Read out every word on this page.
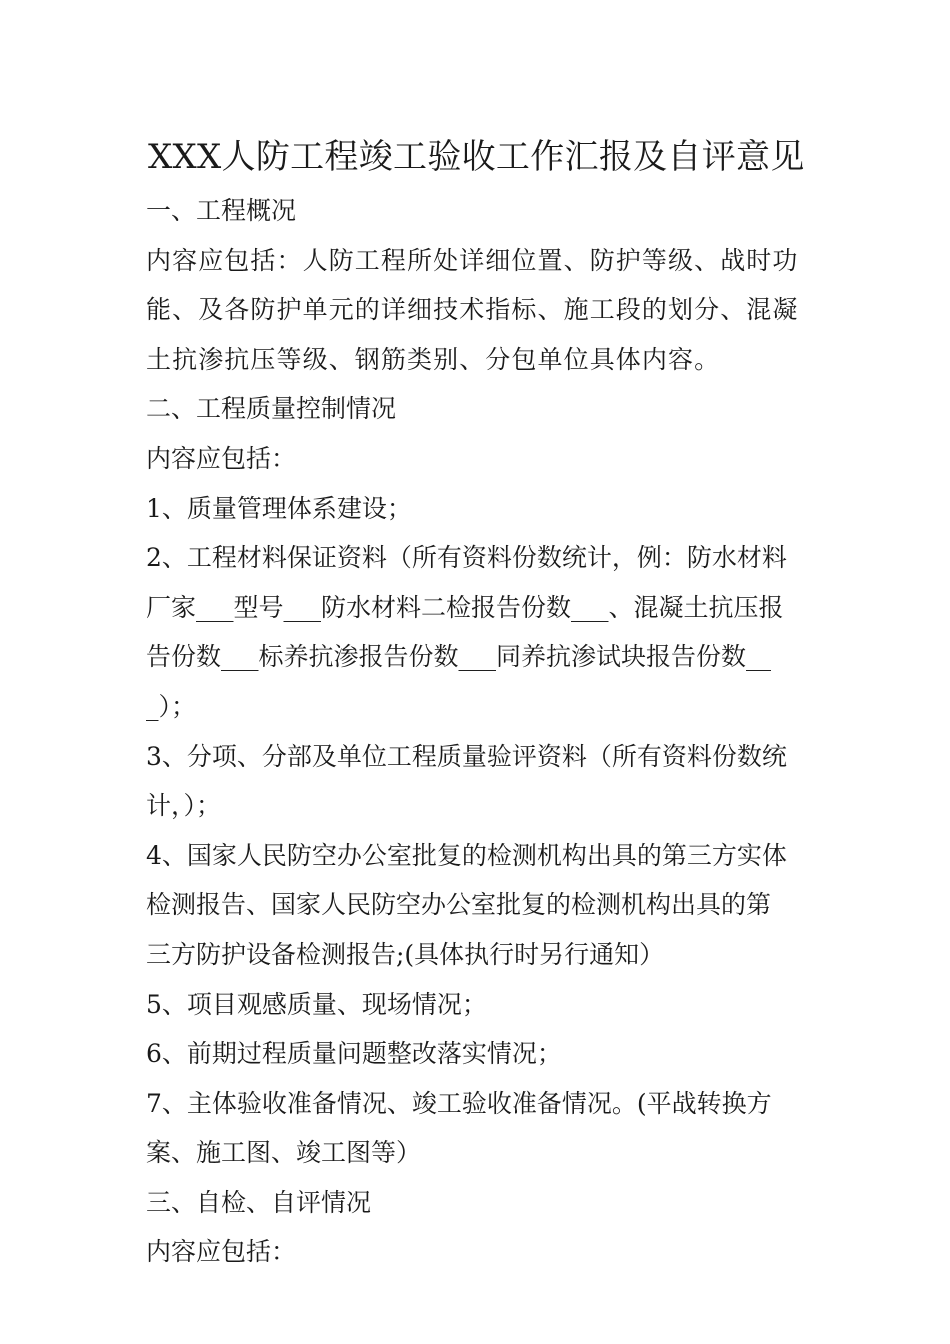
XXX人防工程竣工验收工作汇报及自评意见
一、工程概况
内容应包括：人防工程所处详细位置、防护等级、战时功
能、及各防护单元的详细技术指标、施工段的划分、混凝
土抗渗抗压等级、钢筋类别、分包单位具体内容。
二、工程质量控制情况
内容应包括：
1、质量管理体系建设；
2、工程材料保证资料（所有资料份数统计，例：防水材料
厂家___型号___防水材料二检报告份数___、混凝土抗压报
告份数___标养抗渗报告份数___同养抗渗试块报告份数__
_）；
3、分项、分部及单位工程质量验评资料（所有资料份数统
计，）；
4、国家人民防空办公室批复的检测机构出具的第三方实体
检测报告、国家人民防空办公室批复的检测机构出具的第
三方防护设备检测报告;(具体执行时另行通知）
5、项目观感质量、现场情况；
6、前期过程质量问题整改落实情况；
7、主体验收准备情况、竣工验收准备情况。(平战转换方
案、施工图、竣工图等）
三、自检、自评情况
内容应包括：
